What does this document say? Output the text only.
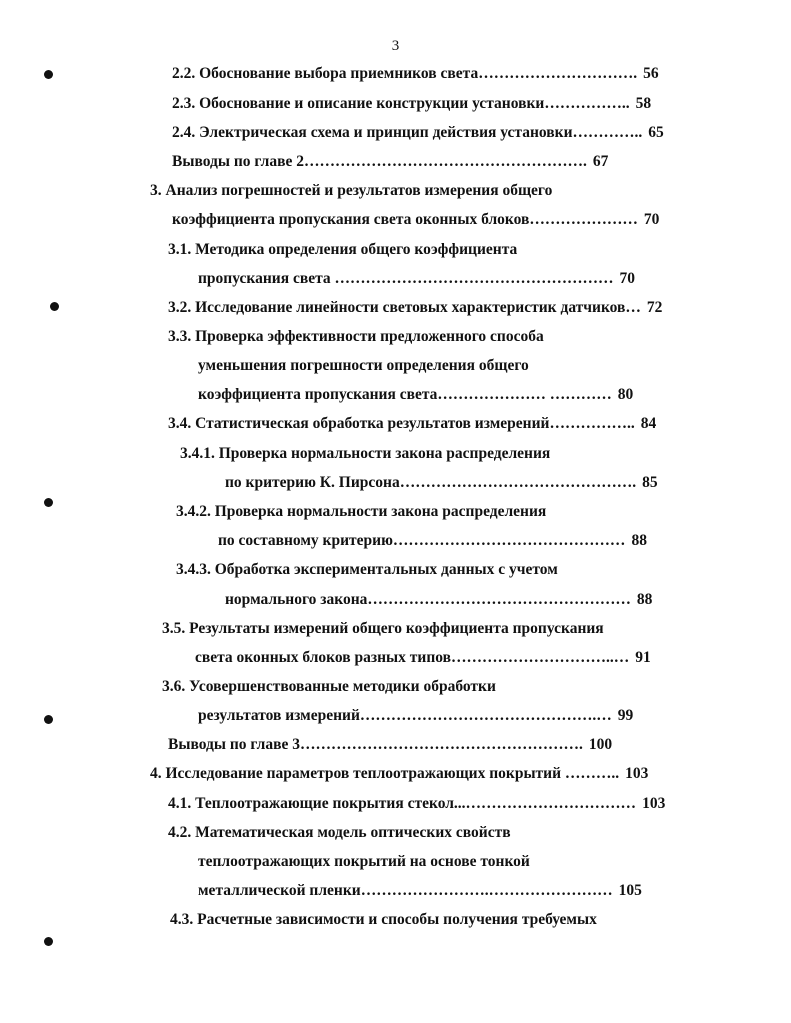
3
2.2. Обоснование выбора приемников света…………………………. 56
2.3. Обоснование и описание конструкции установки…………….. 58
2.4. Электрическая схема и принцип действия установки………….. 65
Выводы по главе 2………………………………………………. 67
3. Анализ погрешностей и результатов измерения общего
коэффициента пропускания света оконных блоков………………… 70
3.1. Методика определения общего коэффициента
пропускания света ……………………………………………… 70
3.2. Исследование линейности световых характеристик датчиков… 72
3.3. Проверка эффективности предложенного способа
уменьшения погрешности определения общего
коэффициента пропускания света………………… ………… 80
3.4. Статистическая обработка результатов измерений…………….. 84
3.4.1. Проверка нормальности закона распределения
по критерию К. Пирсона………………………………………. 85
3.4.2. Проверка нормальности закона распределения
по составному критерию……………………………………… 88
3.4.3. Обработка экспериментальных данных с учетом
нормального закона…………………………………………… 88
3.5. Результаты измерений общего коэффициента пропускания
света оконных блоков разных типов…………………………..… 91
3.6. Усовершенствованные методики обработки
результатов измерений……………………………………….… 99
Выводы по главе 3………………………………………………. 100
4. Исследование параметров теплоотражающих покрытий ……….. 103
4.1. Теплоотражающие покрытия стекол...…………………………… 103
4.2. Математическая модель оптических свойств
теплоотражающих покрытий на основе тонкой
металлической пленки…………………….…………………… 105
4.3. Расчетные зависимости и способы получения требуемых
